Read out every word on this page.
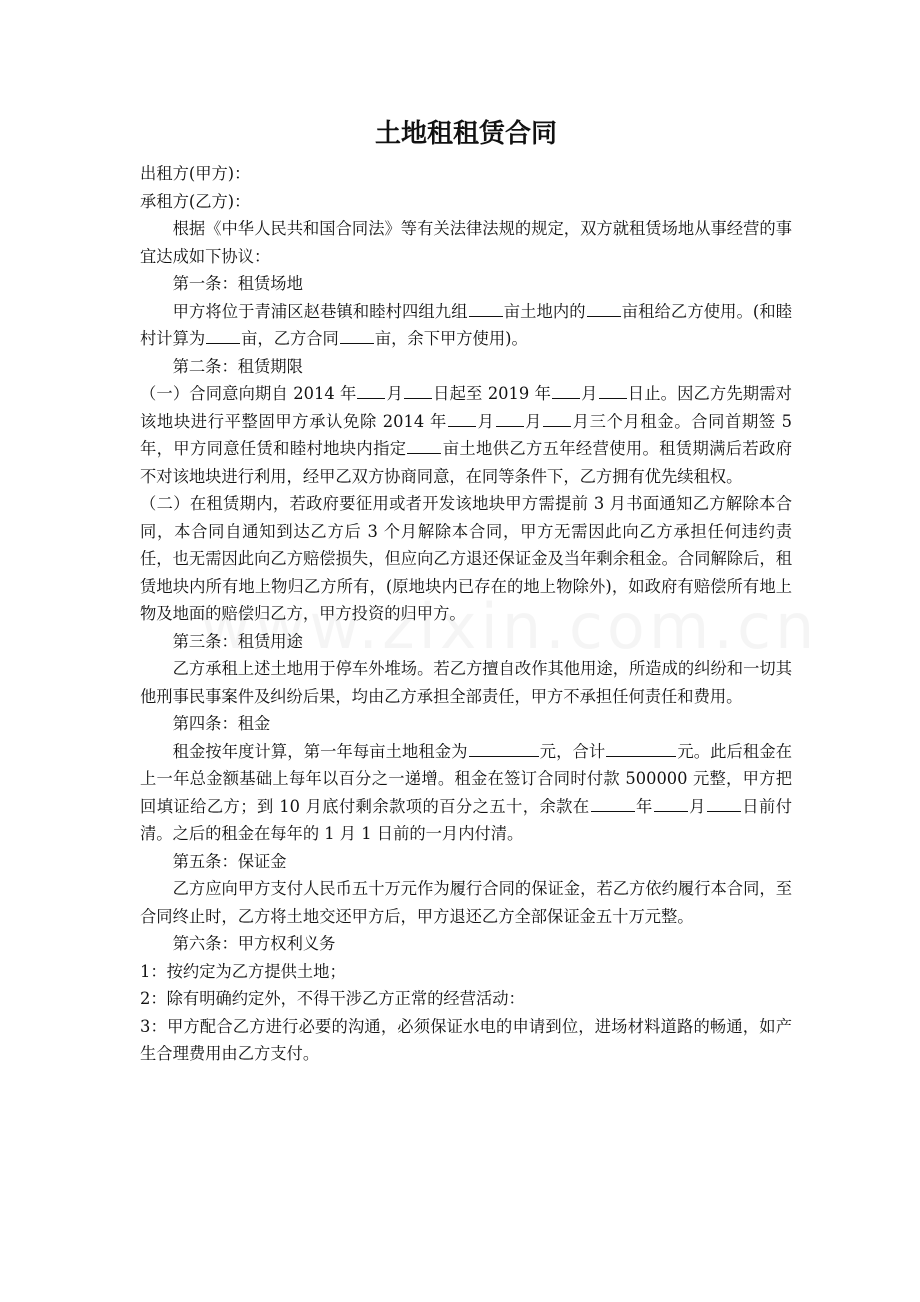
土地租租赁合同

出租方(甲方)：

承租方(乙方)：

根据《中华人民共和国合同法》等有关法律法规的规定，双方就租赁场地从事经营的事宜达成如下协议：

第一条：租赁场地

甲方将位于青浦区赵巷镇和睦村四组九组 亩土地内的 亩租给乙方使用。(和睦村计算为 亩，乙方合同 亩，余下甲方使用)。

第二条：租赁期限

（一）合同意向期自 2014 年 月 日起至 2019 年 月 日止。因乙方先期需对该地块进行平整固甲方承认免除 2014 年 月 月 月三个月租金。合同首期签 5 年，甲方同意任赁和睦村地块内指定 亩土地供乙方五年经营使用。租赁期满后若政府不对该地块进行利用，经甲乙双方协商同意，在同等条件下，乙方拥有优先续租权。

（二）在租赁期内，若政府要征用或者开发该地块甲方需提前 3 月书面通知乙方解除本合同，本合同自通知到达乙方后 3 个月解除本合同，甲方无需因此向乙方承担任何违约责任，也无需因此向乙方赔偿损失，但应向乙方退还保证金及当年剩余租金。合同解除后，租赁地块内所有地上物归乙方所有，(原地块内已存在的地上物除外)，如政府有赔偿所有地上物及地面的赔偿归乙方，甲方投资的归甲方。

第三条：租赁用途

乙方承租上述土地用于停车外堆场。若乙方擅自改作其他用途，所造成的纠纷和一切其他刑事民事案件及纠纷后果，均由乙方承担全部责任，甲方不承担任何责任和费用。

第四条：租金

租金按年度计算，第一年每亩土地租金为	元，合计	元。此后租金在上一年总金额基础上每年以百分之一递增。租金在签订合同时付款 500000 元整，甲方把回填证给乙方；到 10 月底付剩余款项的百分之五十，余款在	年 月 日前付清。之后的租金在每年的 1 月 1 日前的一月内付清。

第五条：保证金

乙方应向甲方支付人民币五十万元作为履行合同的保证金，若乙方依约履行本合同，至合同终止时，乙方将土地交还甲方后，甲方退还乙方全部保证金五十万元整。

第六条：甲方权利义务

1：按约定为乙方提供土地；

2：除有明确约定外，不得干涉乙方正常的经营活动：

3：甲方配合乙方进行必要的沟通，必须保证水电的申请到位，进场材料道路的畅通，如产生合理费用由乙方支付。
